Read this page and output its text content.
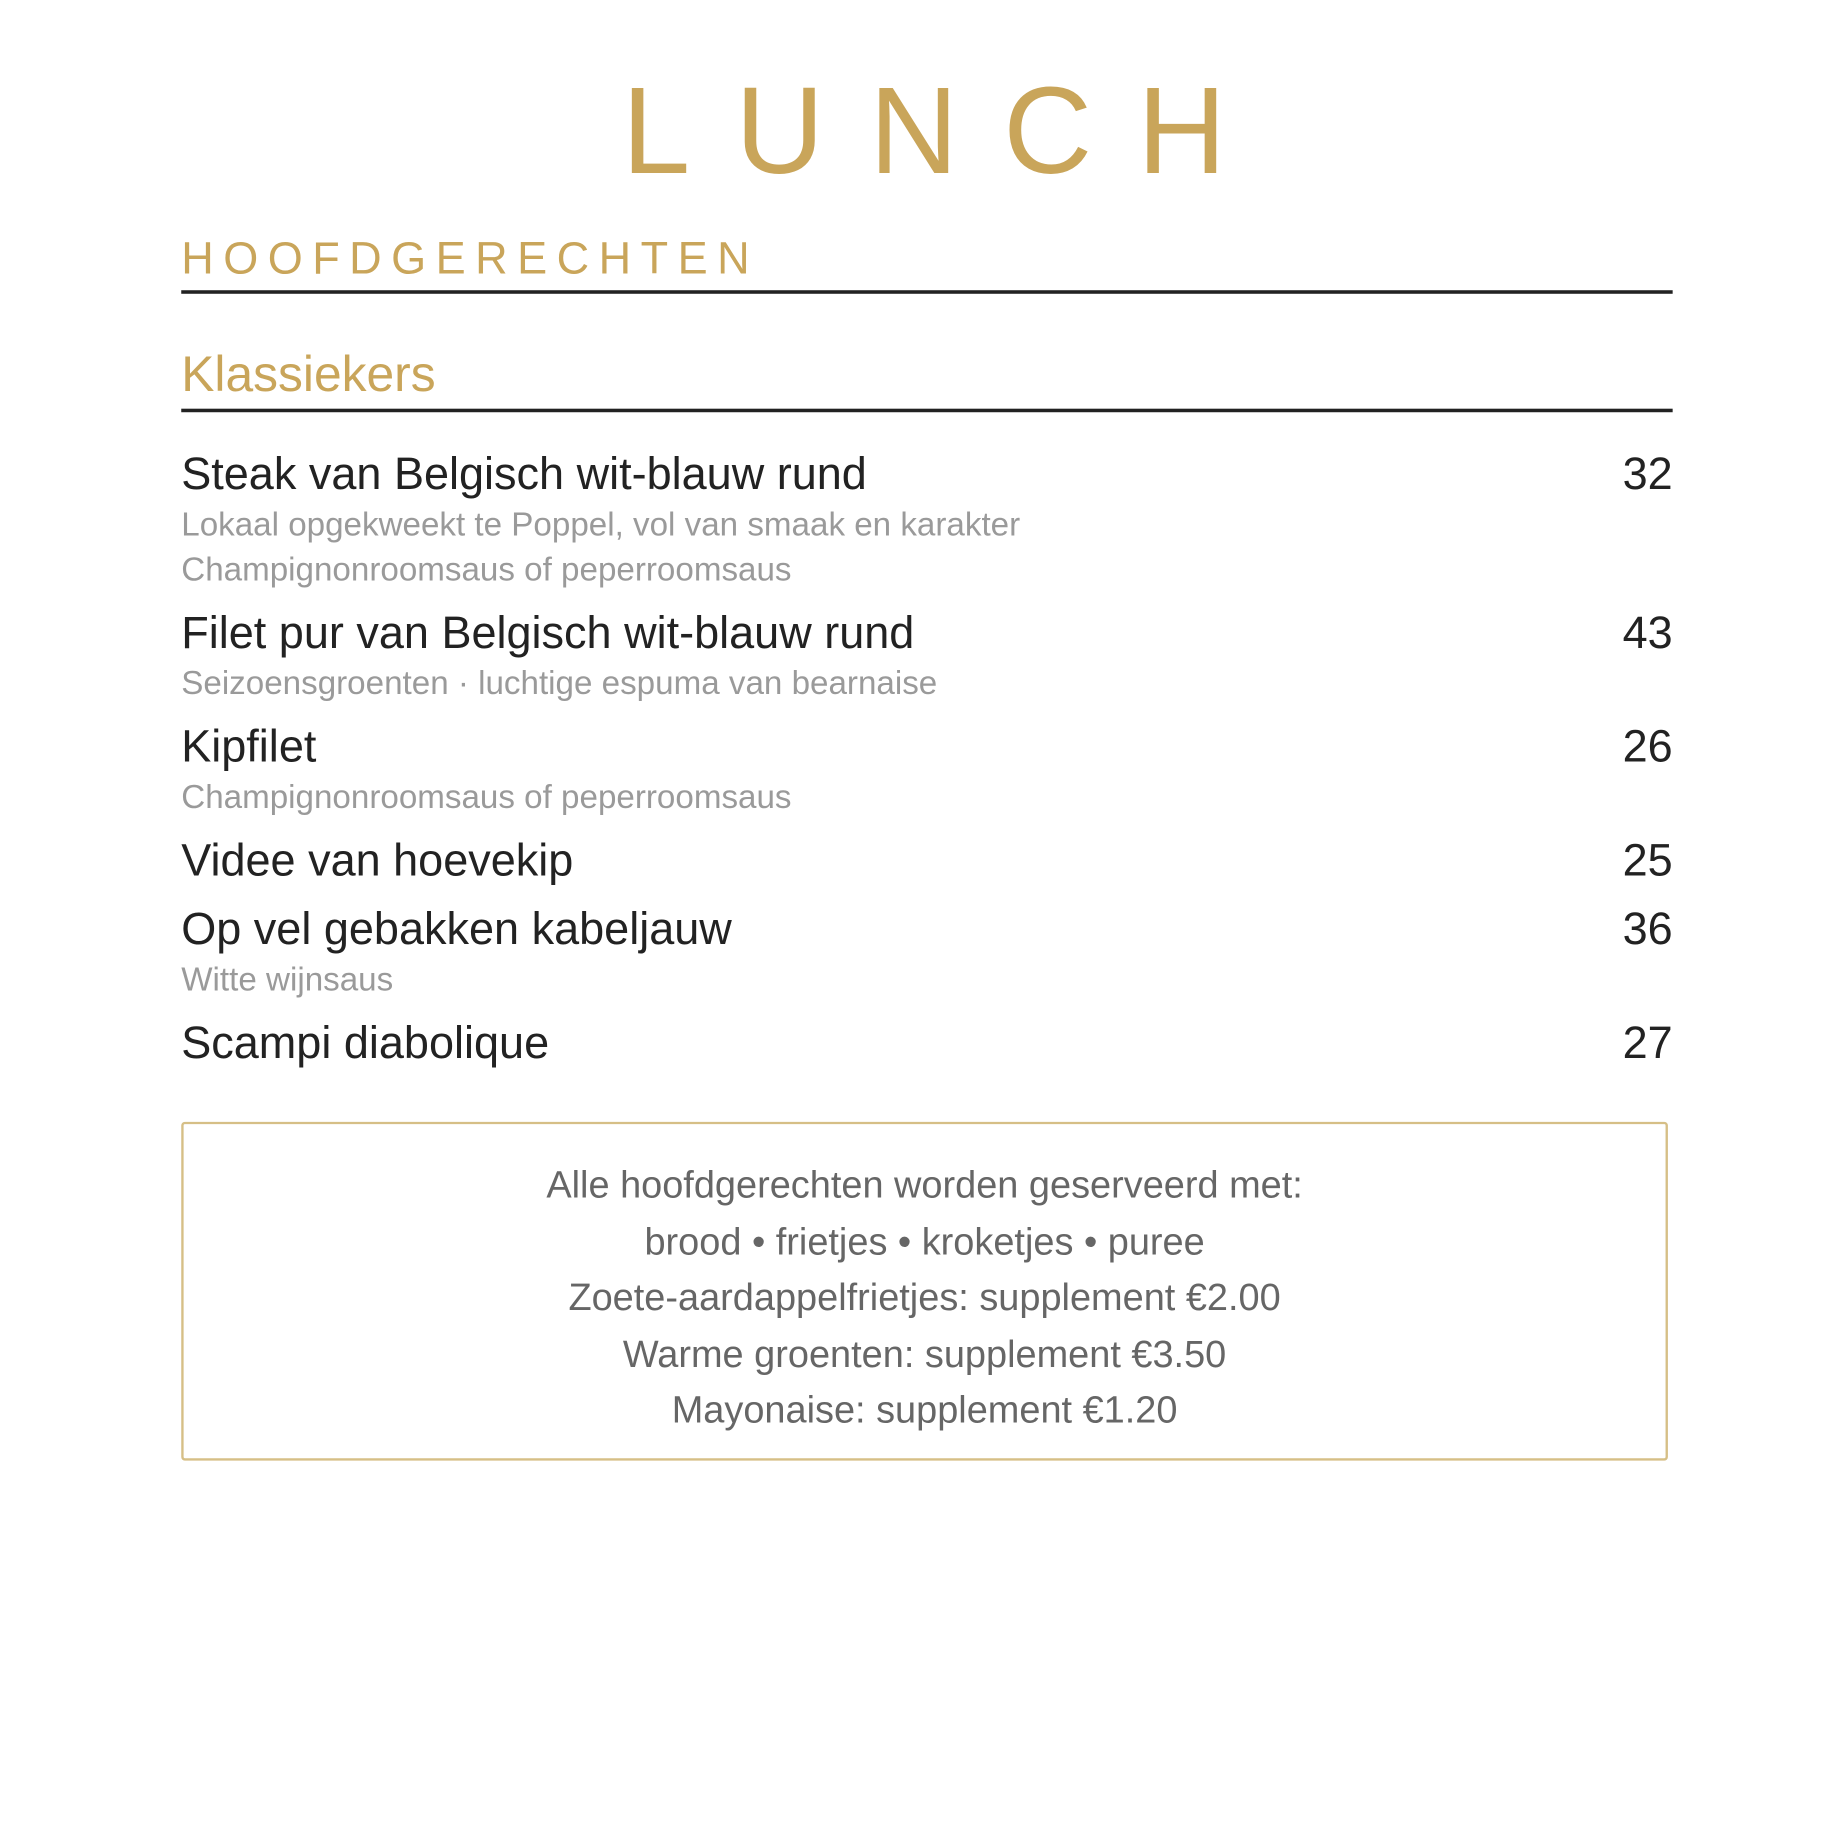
LUNCH
HOOFDGERECHTEN
Klassiekers
Steak van Belgisch wit-blauw rund	32
Lokaal opgekweekt te Poppel, vol van smaak en karakter
Champignonroomsaus of peperroomsaus
Filet pur van Belgisch wit-blauw rund	43
Seizoensgroenten · luchtige espuma van bearnaise
Kipfilet	26
Champignonroomsaus of peperroomsaus
Videe van hoevekip	25
Op vel gebakken kabeljauw	36
Witte wijnsaus
Scampi diabolique	27
Alle hoofdgerechten worden geserveerd met:
brood • frietjes • kroketjes • puree
Zoete-aardappelfrietjes: supplement €2.00
Warme groenten: supplement €3.50
Mayonaise: supplement €1.20
